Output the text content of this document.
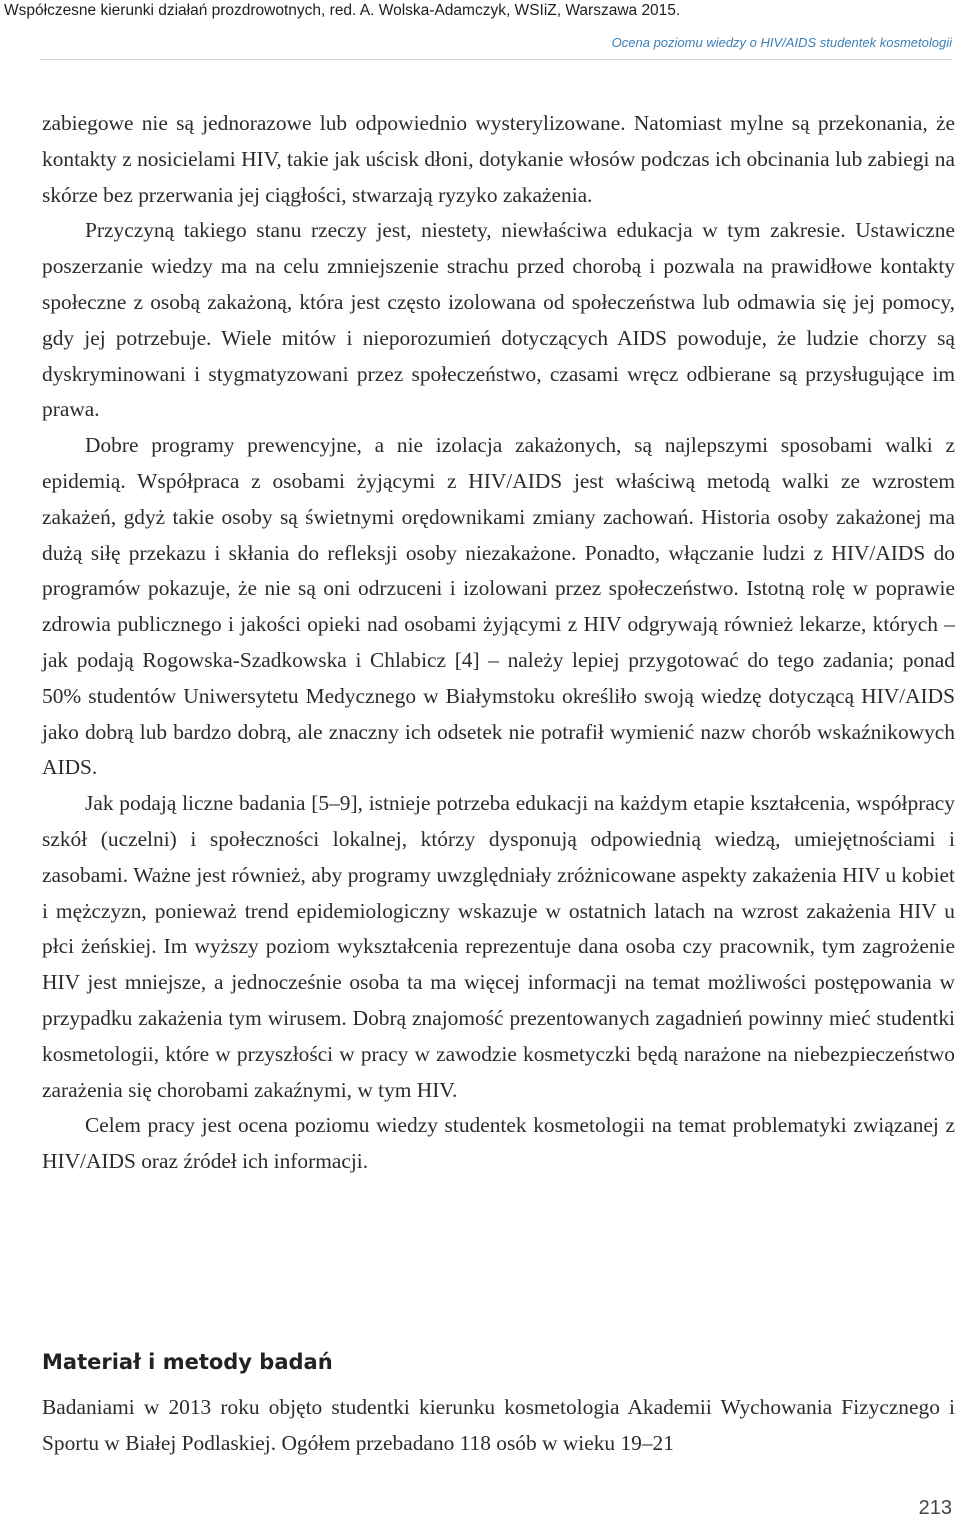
Współczesne kierunki działań prozdrowotnych, red. A. Wolska-Adamczyk, WSIiZ, Warszawa 2015.
Ocena poziomu wiedzy o HIV/AIDS studentek kosmetologii

zabiegowe nie są jednorazowe lub odpowiednio wysterylizowane. Natomiast mylne są przekonania, że kontakty z nosicielami HIV, takie jak uścisk dłoni, dotykanie włosów podczas ich obcinania lub zabiegi na skórze bez przerwania jej ciągłości, stwarzają ryzyko zakażenia.

Przyczyną takiego stanu rzeczy jest, niestety, niewłaściwa edukacja w tym zakresie. Ustawiczne poszerzanie wiedzy ma na celu zmniejszenie strachu przed chorobą i pozwala na prawidłowe kontakty społeczne z osobą zakażoną, która jest często izolowana od społeczeństwa lub odmawia się jej pomocy, gdy jej potrzebuje. Wiele mitów i nieporozumień dotyczących AIDS powoduje, że ludzie chorzy są dyskryminowani i stygmatyzowani przez społeczeństwo, czasami wręcz odbierane są przysługujące im prawa.

Dobre programy prewencyjne, a nie izolacja zakażonych, są najlepszymi sposobami walki z epidemią. Współpraca z osobami żyjącymi z HIV/AIDS jest właściwą metodą walki ze wzrostem zakażeń, gdyż takie osoby są świetnymi orędownikami zmiany zachowań. Historia osoby zakażonej ma dużą siłę przekazu i skłania do refleksji osoby niezakażone. Ponadto, włączanie ludzi z HIV/AIDS do programów pokazuje, że nie są oni odrzuceni i izolowani przez społeczeństwo. Istotną rolę w poprawie zdrowia publicznego i jakości opieki nad osobami żyjącymi z HIV odgrywają również lekarze, których – jak podają Rogowska-Szadkowska i Chlabicz [4] – należy lepiej przygotować do tego zadania; ponad 50% studentów Uniwersytetu Medycznego w Białymstoku określiło swoją wiedzę dotyczącą HIV/AIDS jako dobrą lub bardzo dobrą, ale znaczny ich odsetek nie potrafił wymienić nazw chorób wskaźnikowych AIDS.

Jak podają liczne badania [5–9], istnieje potrzeba edukacji na każdym etapie kształcenia, współpracy szkół (uczelni) i społeczności lokalnej, którzy dysponują odpowiednią wiedzą, umiejętnościami i zasobami. Ważne jest również, aby programy uwzględniały zróżnicowane aspekty zakażenia HIV u kobiet i mężczyzn, ponieważ trend epidemiologiczny wskazuje w ostatnich latach na wzrost zakażenia HIV u płci żeńskiej. Im wyższy poziom wykształcenia reprezentuje dana osoba czy pracownik, tym zagrożenie HIV jest mniejsze, a jednocześnie osoba ta ma więcej informacji na temat możliwości postępowania w przypadku zakażenia tym wirusem. Dobrą znajomość prezentowanych zagadnień powinny mieć studentki kosmetologii, które w przyszłości w pracy w zawodzie kosmetyczki będą narażone na niebezpieczeństwo zarażenia się chorobami zakaźnymi, w tym HIV.

Celem pracy jest ocena poziomu wiedzy studentek kosmetologii na temat problematyki związanej z HIV/AIDS oraz źródeł ich informacji.

Materiał i metody badań

Badaniami w 2013 roku objęto studentki kierunku kosmetologia Akademii Wychowania Fizycznego i Sportu w Białej Podlaskiej. Ogółem przebadano 118 osób w wieku 19–21

213
